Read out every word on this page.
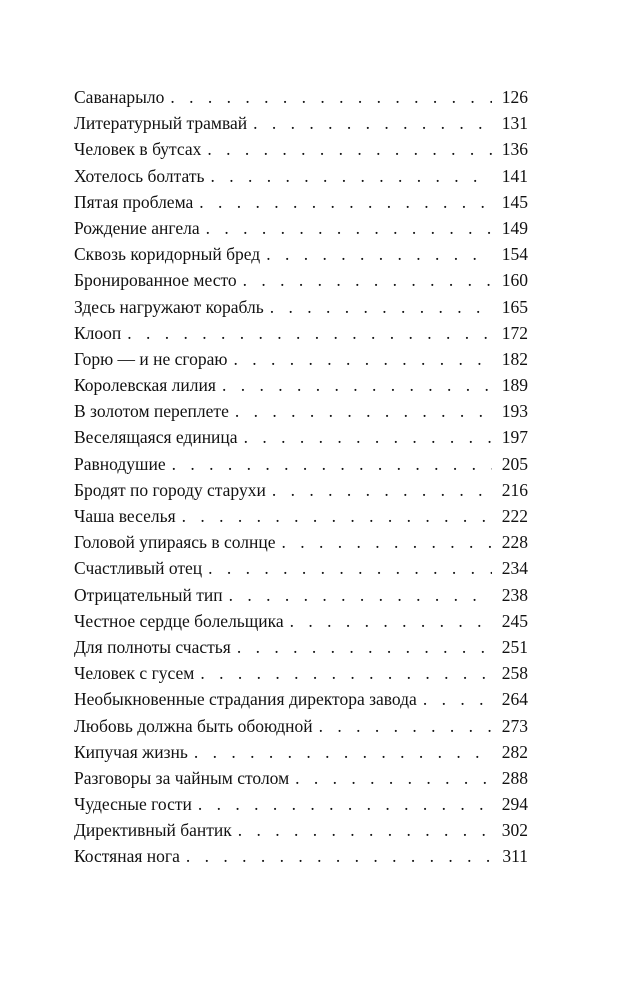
Саванарыло . . .	126
Литературный трамвай . . .	131
Человек в бутсах . . .	136
Хотелось болтать . . .	141
Пятая проблема . . .	145
Рождение ангела . . .	149
Сквозь коридорный бред . . .	154
Бронированное место . . .	160
Здесь нагружают корабль . . .	165
Клооп . . .	172
Горю — и не сгораю . . .	182
Королевская лилия . . .	189
В золотом переплете . . .	193
Веселящаяся единица . . .	197
Равнодушие . . .	205
Бродят по городу старухи . . .	216
Чаша веселья . . .	222
Головой упираясь в солнце . . .	228
Счастливый отец . . .	234
Отрицательный тип . . .	238
Честное сердце болельщика . . .	245
Для полноты счастья . . .	251
Человек с гусем . . .	258
Необыкновенные страдания директора завода . . .	264
Любовь должна быть обоюдной . . .	273
Кипучая жизнь . . .	282
Разговоры за чайным столом . . .	288
Чудесные гости . . .	294
Директивный бантик . . .	302
Костяная нога . . .	311
